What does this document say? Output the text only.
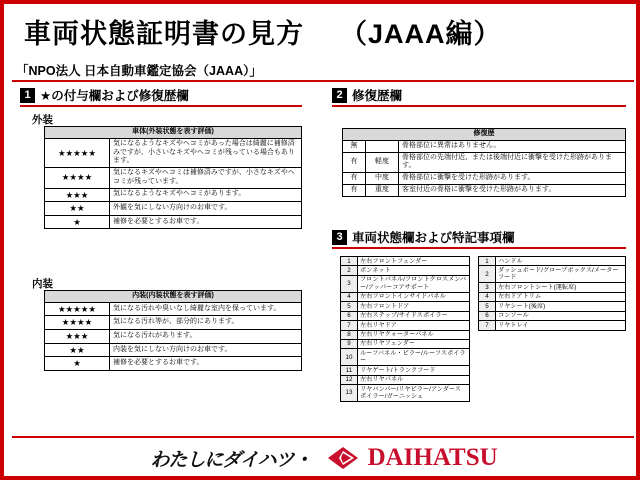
車両状態証明書の見方 （JAAA編）
「NPO法人 日本自動車鑑定協会（JAAA）」
1 ★の付与欄および修復歴欄
外装
車体(外装状態を表す評価)	
★★★★★	気になるようなキズやヘコミがあった場合は綺麗に補修済みですが、小さいなキズやヘコミが残っている場合もあります。
★★★★	気になるキズやヘコミは補修済みですが、小さなキズやヘコミが残っています。
★★★	気になるようなキズやヘコミがあります。
★★	外観を気にしない方向けのお車です。
★	補修を必要とするお車です。
内装
内装(内装状態を表す評価)	
★★★★★	気になる汚れや臭いなし綺麗な室内を保っています。
★★★★	気になる汚れ等が、部分的にあります。
★★★	気になる汚れがあります。
★★	内装を気にしない方向けのお車です。
★	補修を必要とするお車です。
2 修復歴欄
修復歴		
無		骨格部位に異常はありません。
有	軽度	骨格部位の先端付近、または後端付近に衝撃を受けた形跡があります。
有	中度	骨格部位に衝撃を受けた形跡があります。
有	重度	客室付近の骨格に衝撃を受けた形跡があります。
3 車両状態欄および特記事項欄
1	左右フロントフェンダー
2	ボンネット
3	フロントパネル/フロントクロスメンバー/アッパーコアサポート
4	左右フロントインサイドパネル
5	左右フロントドア
6	左右ステップ/サイドスポイラー
7	左右リヤドア
8	左右リヤクォーターパネル
9	左右リヤフェンダー
10	ルーフパネル・ピラー/ルーフスポイラー
11	リヤゲート/トランクフード
12	左右リヤパネル
13	リヤバンパー/リヤピラー/アンダースポイラー/ガーニッシュ
1	ハンドル
2	ダッシュボード/グローブボックス/メーターフード
3	左右フロントシート(運転席)
4	左右ドアトリム
5	リヤシート(後席)
6	コンソール
7	リヤトレイ
わたしにダイハツ・ DAIHATSU
